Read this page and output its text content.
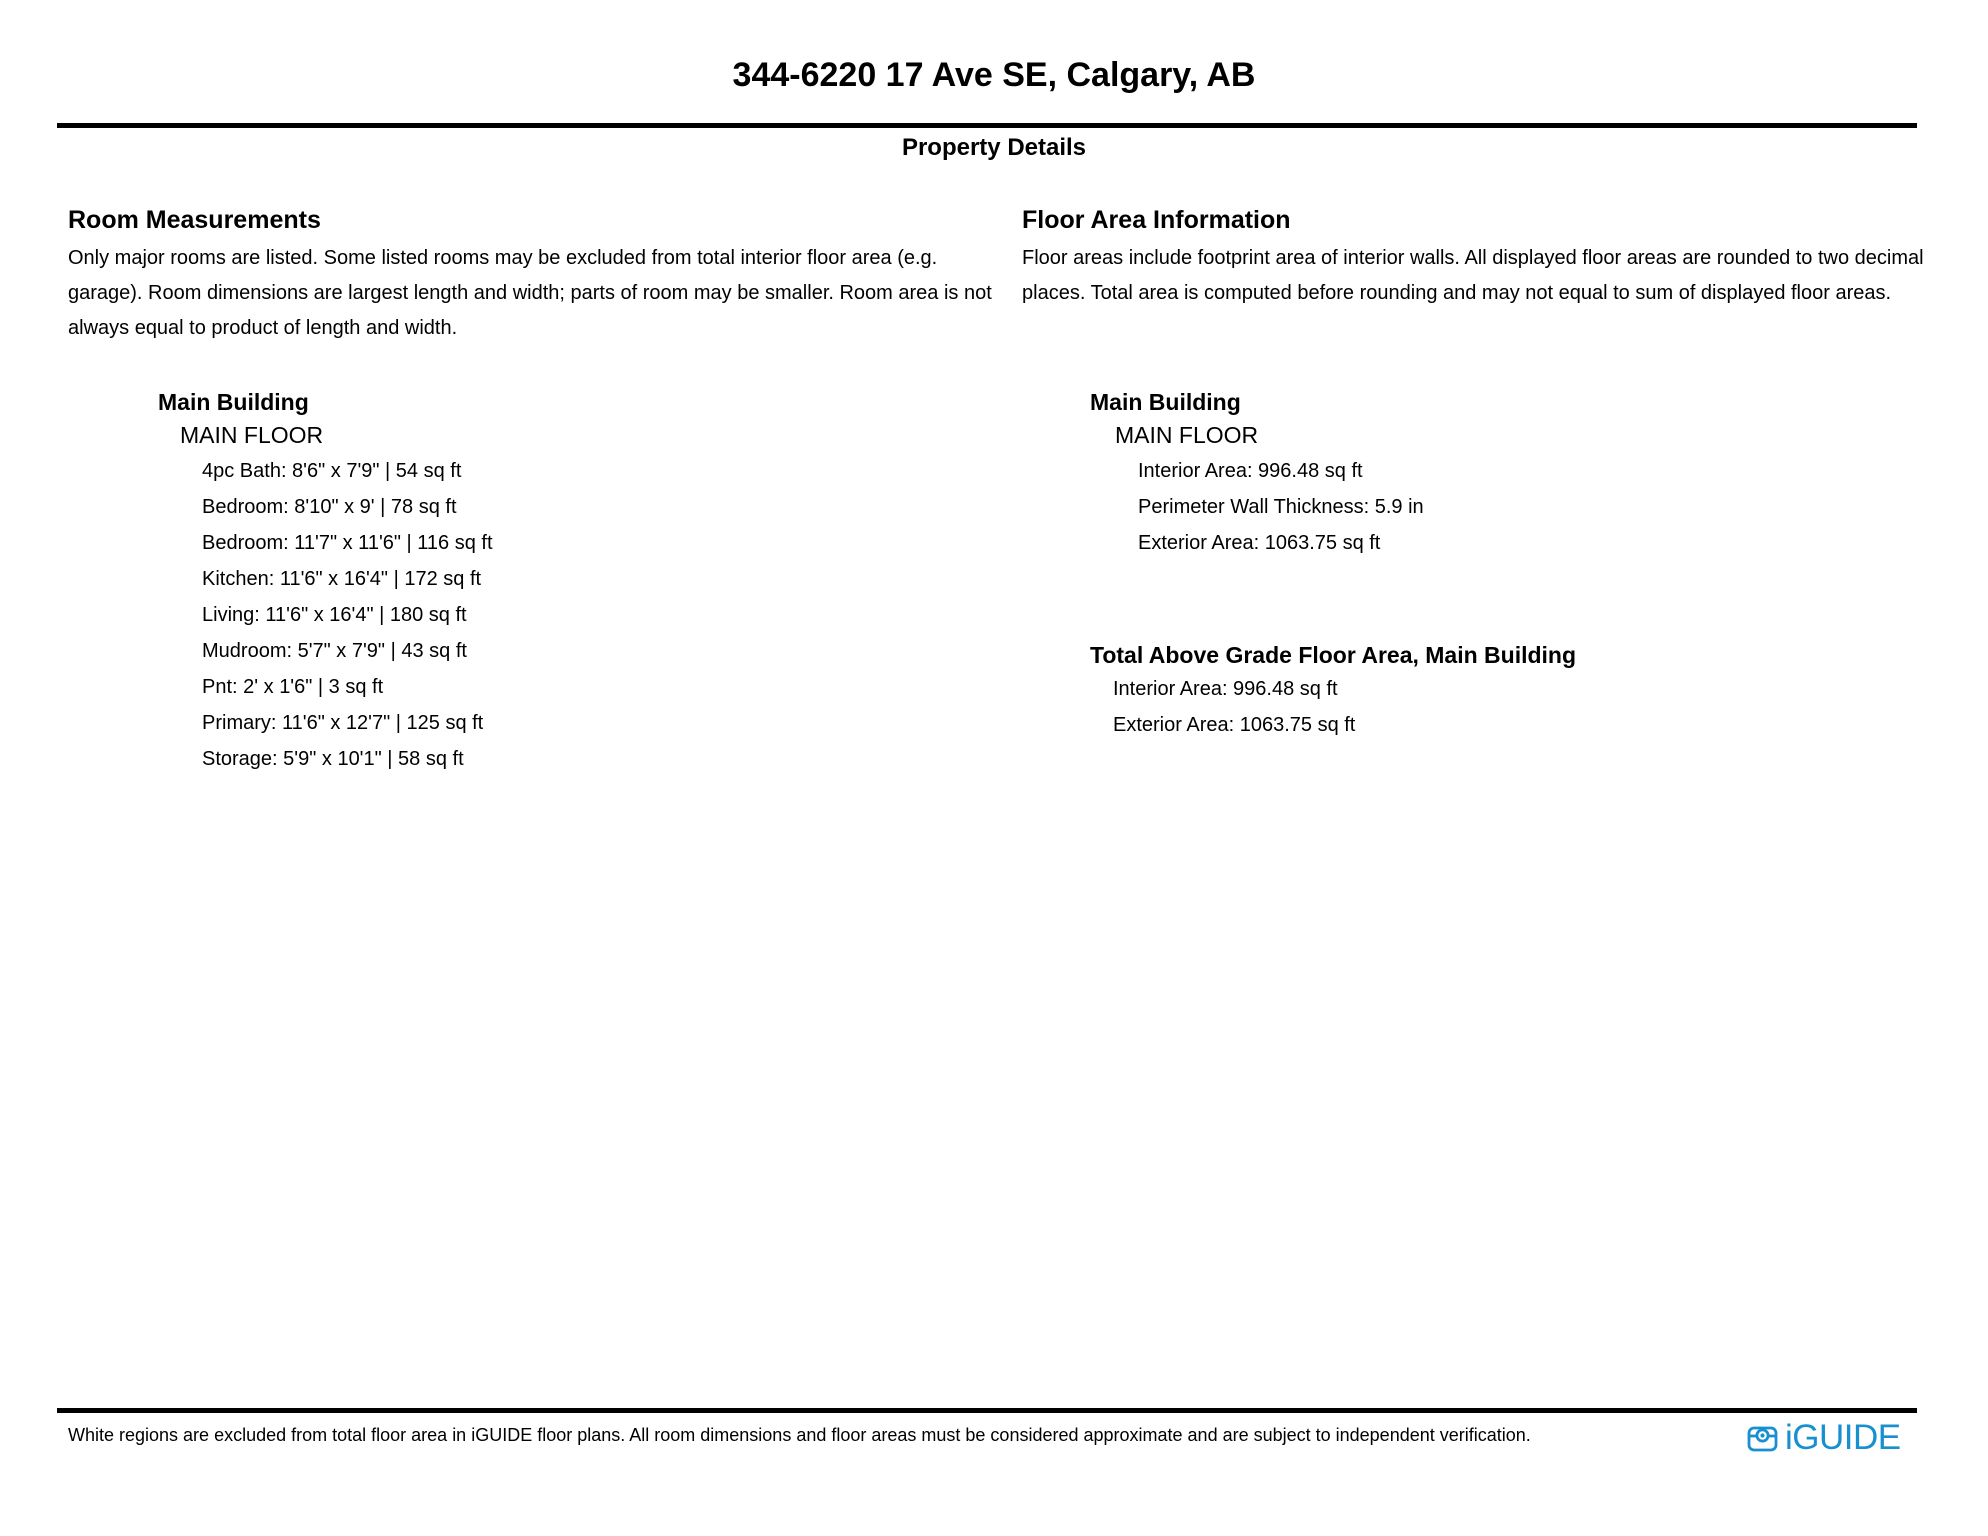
344-6220 17 Ave SE, Calgary, AB
Property Details
Room Measurements
Only major rooms are listed. Some listed rooms may be excluded from total interior floor area (e.g. garage). Room dimensions are largest length and width; parts of room may be smaller. Room area is not always equal to product of length and width.
Main Building
MAIN FLOOR
4pc Bath: 8'6" x 7'9" | 54 sq ft
Bedroom: 8'10" x 9' | 78 sq ft
Bedroom: 11'7" x 11'6" | 116 sq ft
Kitchen: 11'6" x 16'4" | 172 sq ft
Living: 11'6" x 16'4" | 180 sq ft
Mudroom: 5'7" x 7'9" | 43 sq ft
Pnt: 2' x 1'6" | 3 sq ft
Primary: 11'6" x 12'7" | 125 sq ft
Storage: 5'9" x 10'1" | 58 sq ft
Floor Area Information
Floor areas include footprint area of interior walls. All displayed floor areas are rounded to two decimal places. Total area is computed before rounding and may not equal to sum of displayed floor areas.
Main Building
MAIN FLOOR
Interior Area: 996.48 sq ft
Perimeter Wall Thickness: 5.9 in
Exterior Area: 1063.75 sq ft
Total Above Grade Floor Area, Main Building
Interior Area: 996.48 sq ft
Exterior Area: 1063.75 sq ft
White regions are excluded from total floor area in iGUIDE floor plans. All room dimensions and floor areas must be considered approximate and are subject to independent verification.	iGUIDE
